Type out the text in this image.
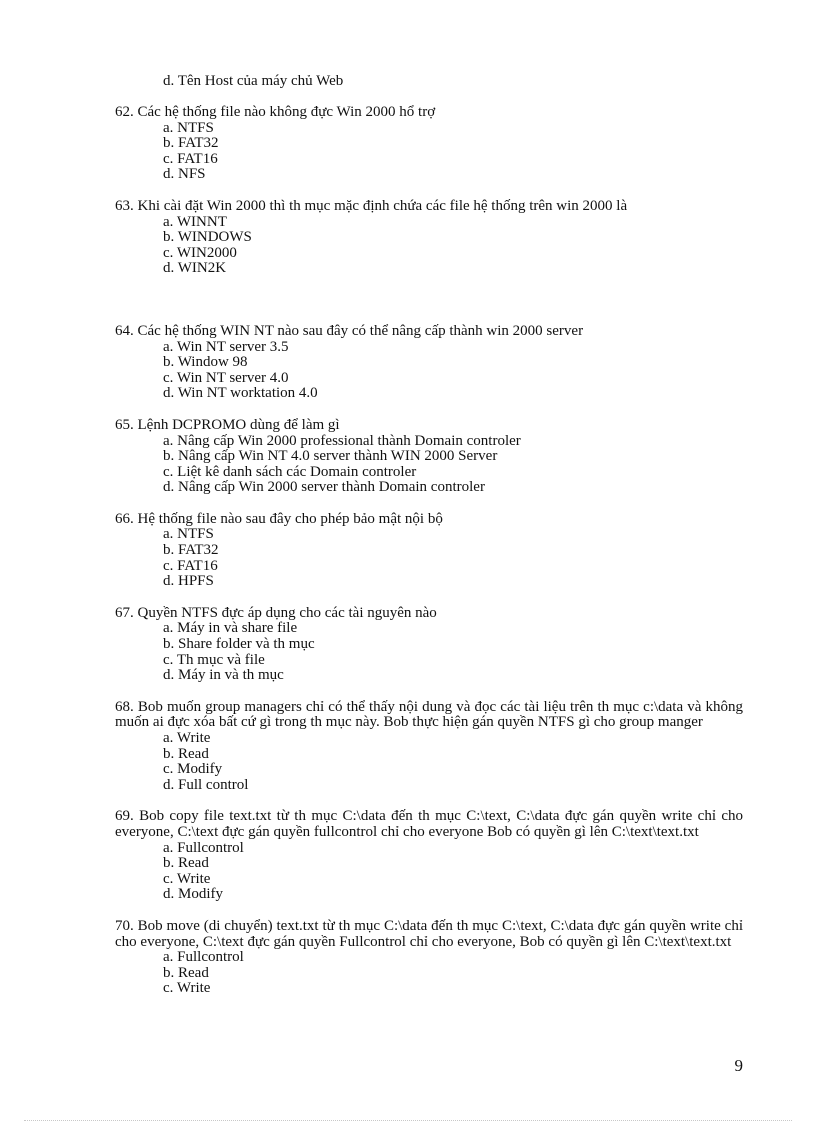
d. Tên Host của máy chủ Web
62. Các hệ thống file nào không đực Win 2000 hổ trợ
a. NTFS
b. FAT32
c. FAT16
d. NFS
63. Khi cài đặt Win 2000 thì th mục mặc định chứa các file hệ thống trên win 2000 là
a. WINNT
b. WINDOWS
c. WIN2000
d. WIN2K
64. Các hệ thống WIN NT nào sau đây có thể nâng cấp thành win 2000 server
a. Win NT server 3.5
b. Window 98
c. Win NT server 4.0
d. Win NT worktation 4.0
65. Lệnh DCPROMO dùng để làm gì
a. Nâng cấp Win 2000 professional thành Domain controler
b. Nâng cấp Win NT 4.0 server thành WIN 2000 Server
c. Liệt kê danh sách các Domain controler
d. Nâng cấp Win 2000 server thành Domain controler
66. Hệ thống file nào sau đây cho phép bảo mật nội bộ
a. NTFS
b. FAT32
c. FAT16
d. HPFS
67. Quyền NTFS đực áp dụng cho các tài nguyên nào
a. Máy in và share file
b. Share folder và th mục
c. Th mục và file
d. Máy in và th mục
68. Bob muốn group managers chỉ có thể thấy nội dung và đọc các tài liệu trên th mục c:\data và không muốn ai đực xóa bất cứ gì trong th mục này. Bob thực hiện gán quyền NTFS gì cho group manger
a. Write
b. Read
c. Modify
d. Full control
69. Bob copy file text.txt từ th mục C:\data đến th mục C:\text, C:\data đực gán quyền write chỉ cho everyone, C:\text đực gán quyền fullcontrol chỉ cho everyone Bob có quyền gì lên C:\text\text.txt
a. Fullcontrol
b. Read
c. Write
d. Modify
70. Bob move (di chuyển) text.txt từ th mục C:\data đến th mục C:\text, C:\data đực gán quyền write chỉ cho everyone, C:\text đực gán quyền Fullcontrol chỉ cho everyone, Bob có quyền gì lên C:\text\text.txt
a. Fullcontrol
b. Read
c. Write
9
